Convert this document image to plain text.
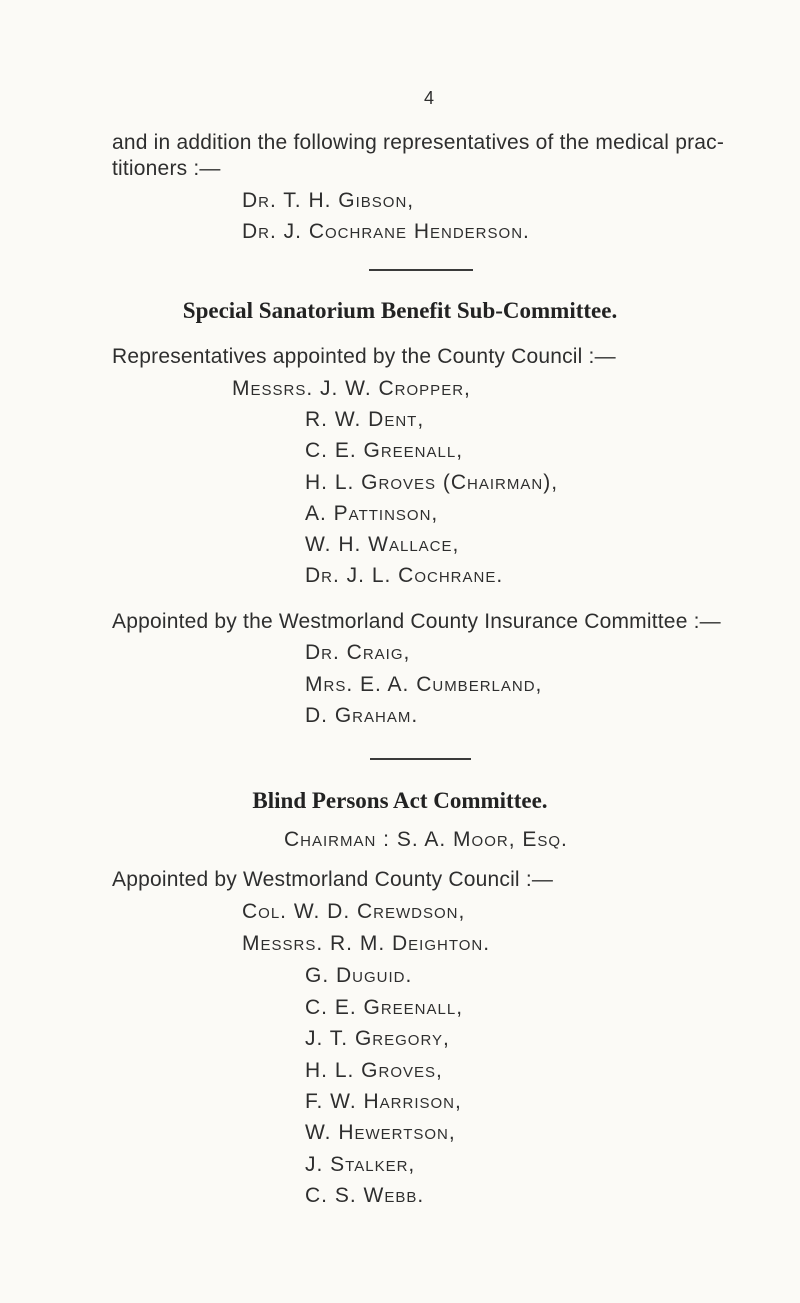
4
and in addition the following representatives of the medical prac-
titioners :—
Dr. T. H. Gibson,
Dr. J. Cochrane Henderson.
Special Sanatorium Benefit Sub-Committee.
Representatives appointed by the County Council :—
Messrs. J. W. Cropper,
R. W. Dent,
C. E. Greenall,
H. L. Groves (Chairman),
A. Pattinson,
W. H. Wallace,
Dr. J. L. Cochrane.
Appointed by the Westmorland County Insurance Committee :—
Dr. Craig,
Mrs. E. A. Cumberland,
D. Graham.
Blind Persons Act Committee.
Chairman : S. A. Moor, Esq.
Appointed by Westmorland County Council :—
Col. W. D. Crewdson,
Messrs. R. M. Deighton.
G. Duguid.
C. E. Greenall,
J. T. Gregory,
H. L. Groves,
F. W. Harrison,
W. Hewertson,
J. Stalker,
C. S. Webb.
